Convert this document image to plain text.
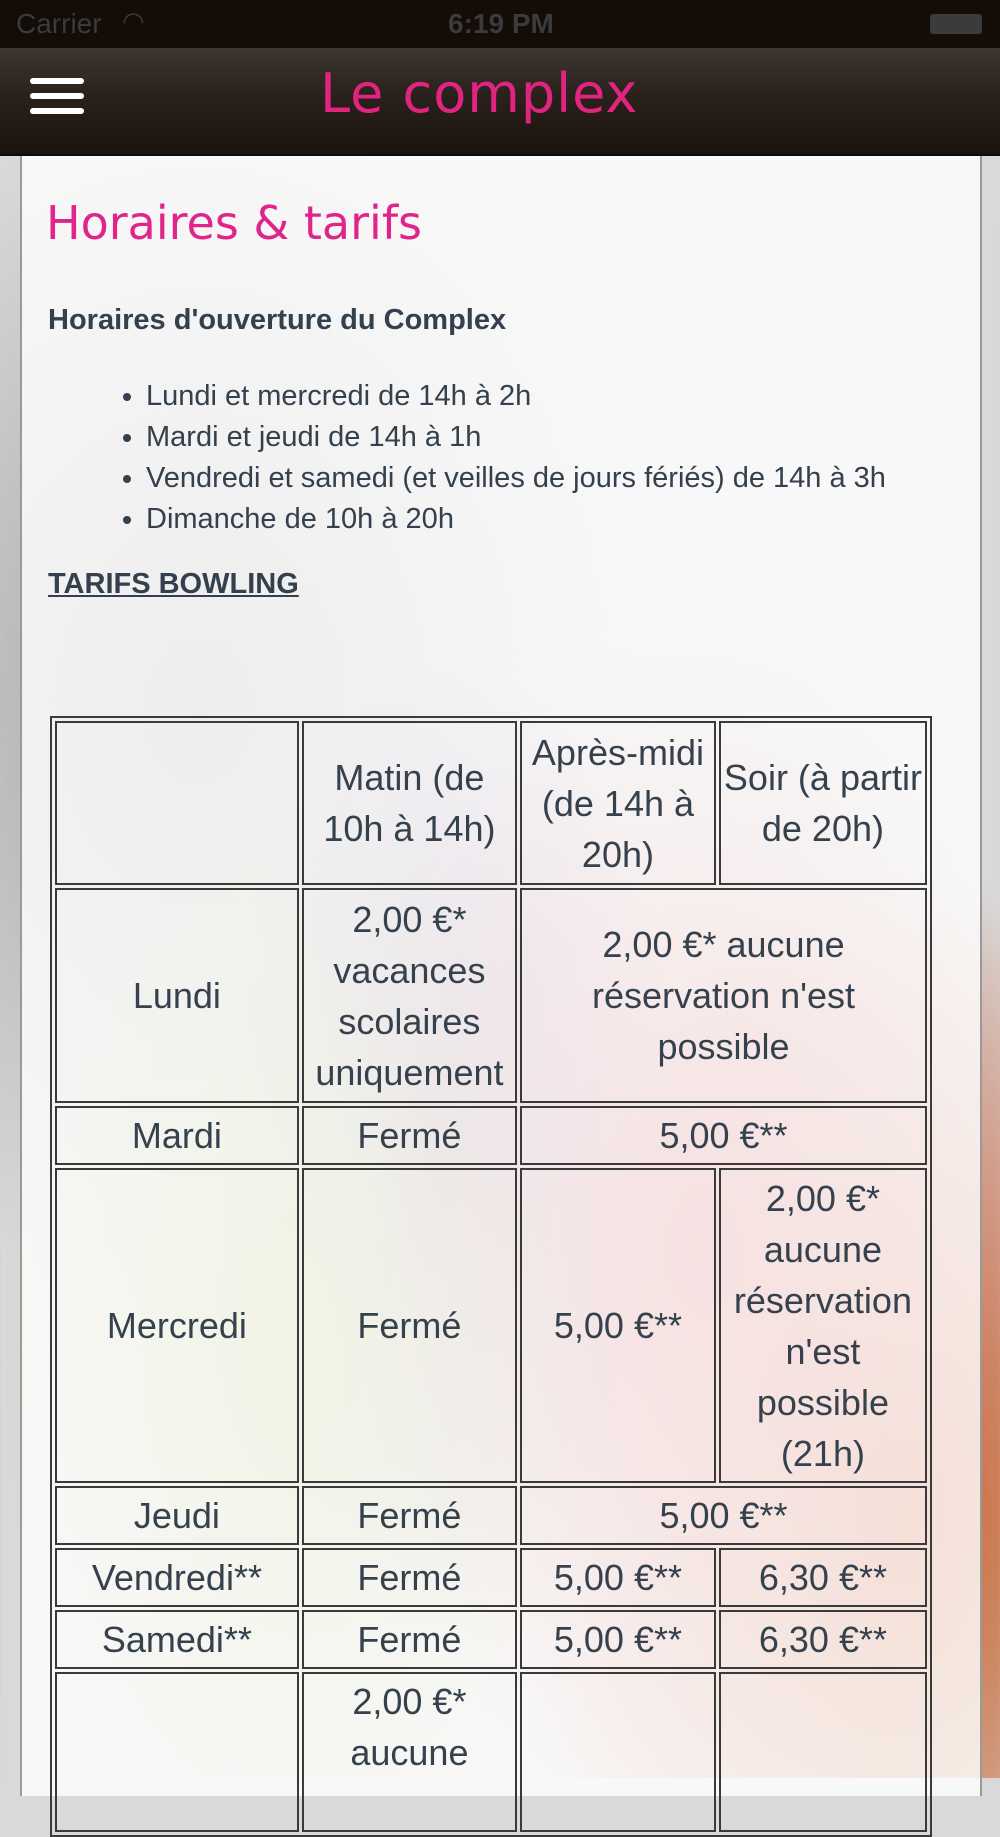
Carrier ◠	6:19 PM
Le complex
Horaires & tarifs

Horaires d'ouverture du Complex

• Lundi et mercredi de 14h à 2h
• Mardi et jeudi de 14h à 1h
• Vendredi et samedi (et veilles de jours fériés) de 14h à 3h
• Dimanche de 10h à 20h

TARIFS BOWLING

	Matin (de 10h à 14h)	Après-midi (de 14h à 20h)	Soir (à partir de 20h)
Lundi	2,00 €* vacances scolaires uniquement	2,00 €* aucune réservation n'est possible	
Mardi	Fermé	5,00 €**	
Mercredi	Fermé	5,00 €**	2,00 €* aucune réservation n'est possible (21h)
Jeudi	Fermé	5,00 €**	
Vendredi**	Fermé	5,00 €**	6,30 €**
Samedi**	Fermé	5,00 €**	6,30 €**
	2,00 €* aucune		
